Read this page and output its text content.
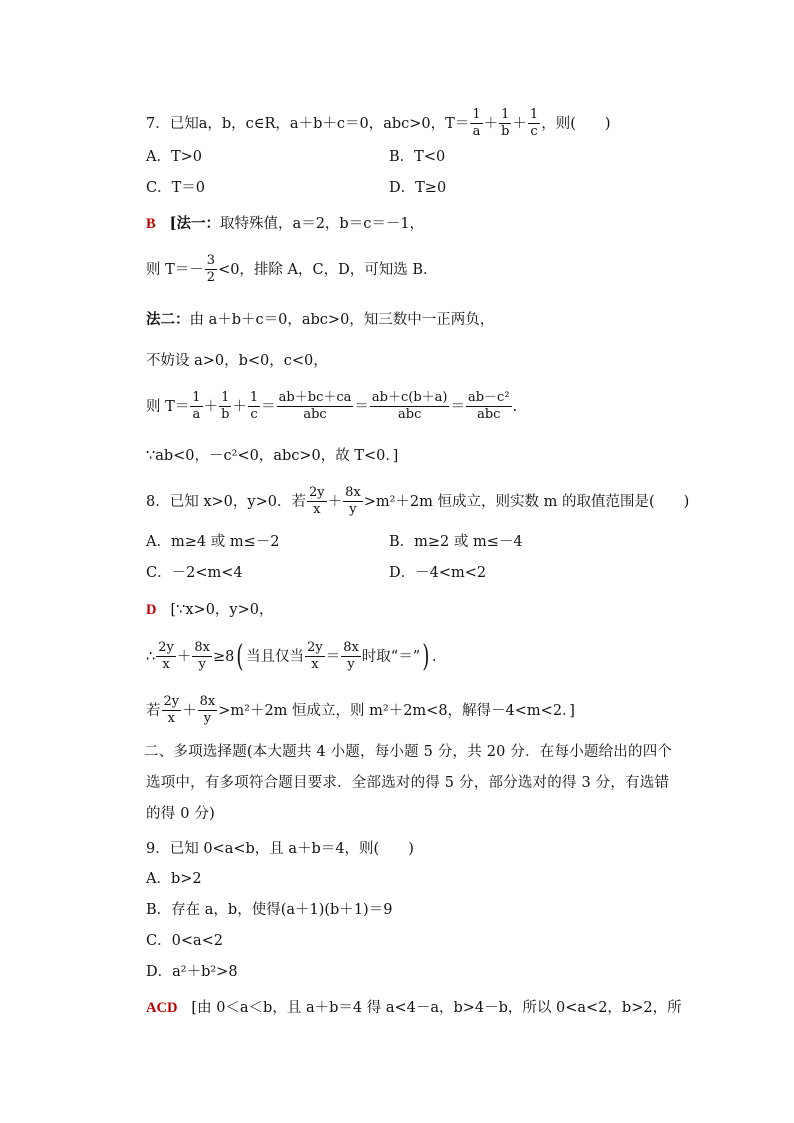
7．已知 a，b，c∈R，a＋b＋c＝0，abc>0，$T= \frac{1}{a} + \frac{1}{b} + \frac{1}{c}$ ，则(　　)
A．T>0	B．T<0
C．T＝0	D．T≥0
B [法一： 取特殊值，a＝2，b＝c＝－1，
则 $T=- \frac{3}{2} <0$，排除 A，C，D，可知选 B．
法二： 由 a＋b＋c＝0，abc>0，知三数中一正两负，
不妨设 a>0，b<0，c<0，
则 $T= \frac{1}{a} + \frac{1}{b} + \frac{1}{c} = \frac{ab+bc+ca}{\text{abc}} = \frac{ab+c(b+a)}{\text{abc}} = \frac{\text{ab－c²}}{\text{abc}}$ .
∵ab<0，－c²<0，abc>0，故 T<0．]
8．已知 x>0，y>0．若 $\frac{2y}{x} + \frac{8x}{y} >m^2+2m$ 恒成立，则实数 m 的取值范围是(　　)
A．m≥4 或 m≤－2	B．m≥2 或 m≤－4
C．－2<m<4	D．－4<m<2
D [∵x>0，y>0，
∴ $\frac{2y}{x} + \frac{8x}{y} \ge 8$ ( 当且仅当 $\frac{2y}{x} = \frac{8x}{y}$ 时取“＝” ) .
若 $\frac{2y}{x} + \frac{8x}{y} >m^2+2m$ 恒成立，则 m²＋2m<8，解得－4<m<2．]
二、多项选择题(本大题共 4 小题，每小题 5 分，共 20 分．在每小题给出的四个选项中，有多项符合题目要求．全部选对的得 5 分，部分选对的得 3 分，有选错的得 0 分)
9．已知 0<a<b，且 a＋b＝4，则(　　)
A．b>2
B．存在 a，b，使得(a＋1)(b＋1)＝9
C．0<a<2
D．a²＋b²>8
ACD [由 0＜a＜b，且 a＋b＝4 得 a<4－a，b>4－b，所以 0<a<2，b>2，所
